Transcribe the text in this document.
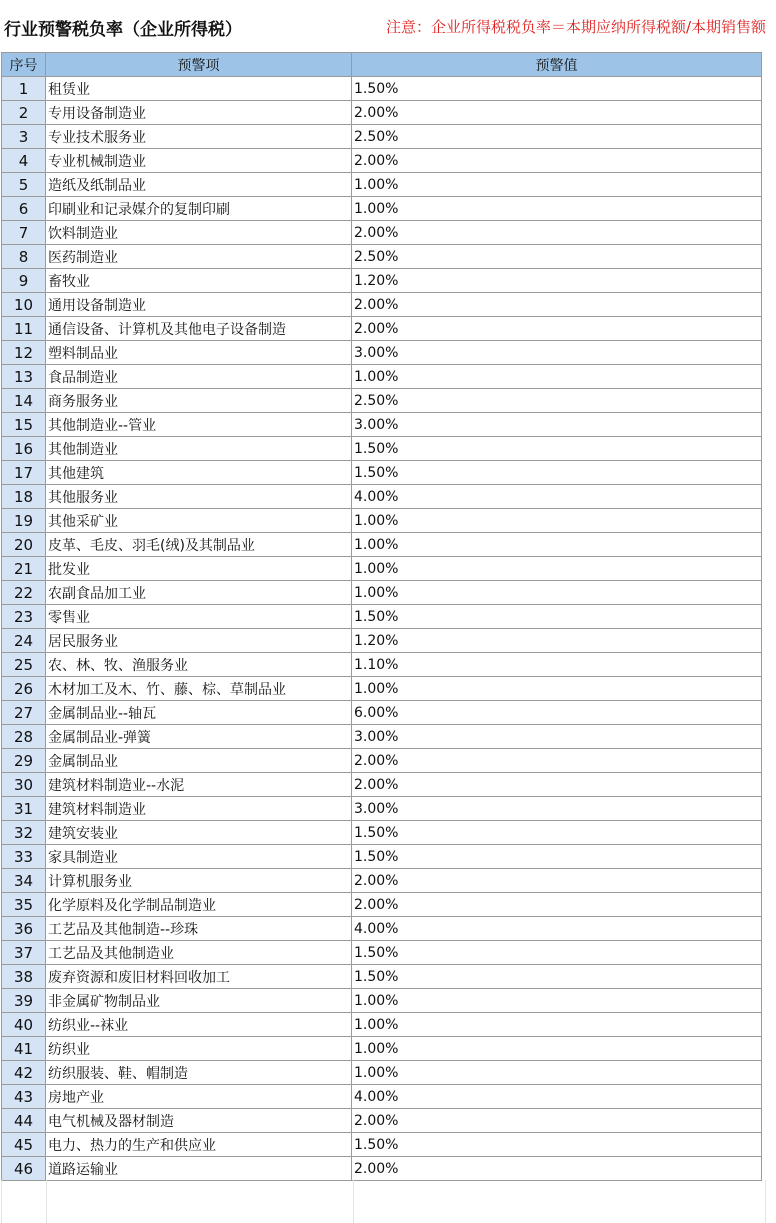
行业预警税负率（企业所得税）	注意：企业所得税税负率＝本期应纳所得税额/本期销售额
序号	预警项	预警值
1	租赁业	1.50%
2	专用设备制造业	2.00%
3	专业技术服务业	2.50%
4	专业机械制造业	2.00%
5	造纸及纸制品业	1.00%
6	印刷业和记录媒介的复制印刷	1.00%
7	饮料制造业	2.00%
8	医药制造业	2.50%
9	畜牧业	1.20%
10	通用设备制造业	2.00%
11	通信设备、计算机及其他电子设备制造	2.00%
12	塑料制品业	3.00%
13	食品制造业	1.00%
14	商务服务业	2.50%
15	其他制造业--管业	3.00%
16	其他制造业	1.50%
17	其他建筑	1.50%
18	其他服务业	4.00%
19	其他采矿业	1.00%
20	皮革、毛皮、羽毛(绒)及其制品业	1.00%
21	批发业	1.00%
22	农副食品加工业	1.00%
23	零售业	1.50%
24	居民服务业	1.20%
25	农、林、牧、渔服务业	1.10%
26	木材加工及木、竹、藤、棕、草制品业	1.00%
27	金属制品业--轴瓦	6.00%
28	金属制品业-弹簧	3.00%
29	金属制品业	2.00%
30	建筑材料制造业--水泥	2.00%
31	建筑材料制造业	3.00%
32	建筑安装业	1.50%
33	家具制造业	1.50%
34	计算机服务业	2.00%
35	化学原料及化学制品制造业	2.00%
36	工艺品及其他制造--珍珠	4.00%
37	工艺品及其他制造业	1.50%
38	废弃资源和废旧材料回收加工	1.50%
39	非金属矿物制品业	1.00%
40	纺织业--袜业	1.00%
41	纺织业	1.00%
42	纺织服装、鞋、帽制造	1.00%
43	房地产业	4.00%
44	电气机械及器材制造	2.00%
45	电力、热力的生产和供应业	1.50%
46	道路运输业	2.00%
